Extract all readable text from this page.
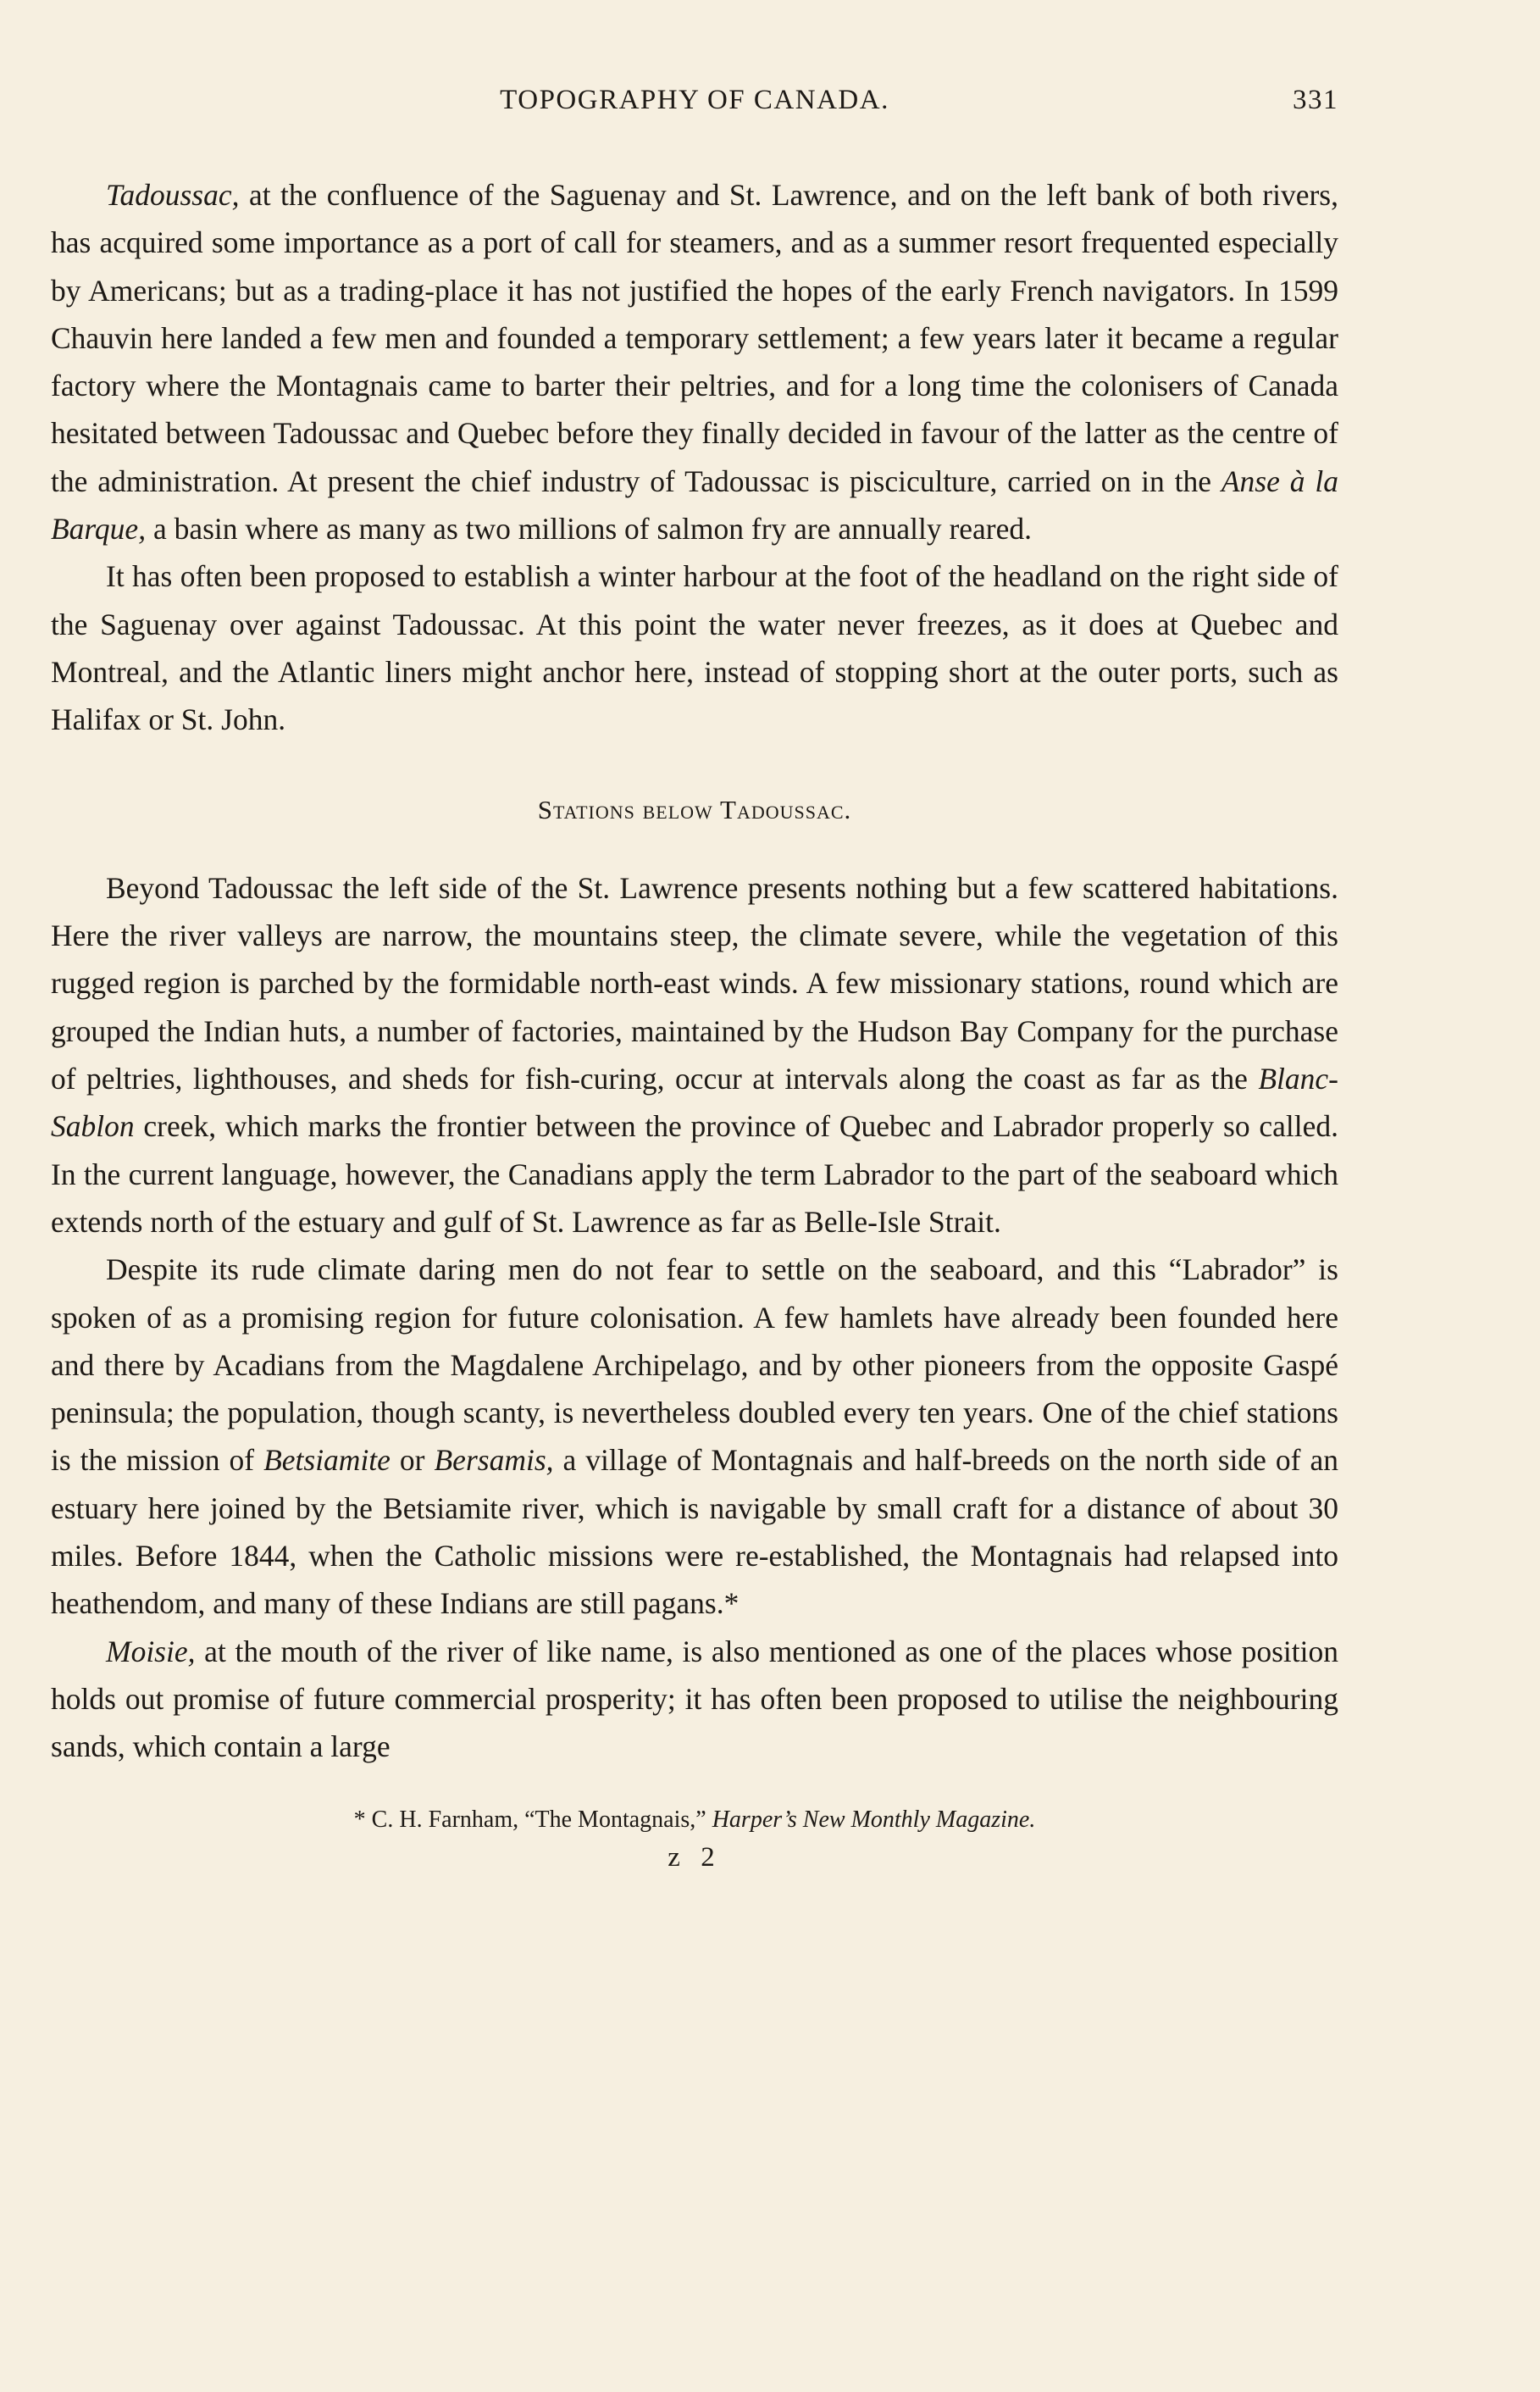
TOPOGRAPHY OF CANADA.	331

Tadoussac, at the confluence of the Saguenay and St. Lawrence, and on the left bank of both rivers, has acquired some importance as a port of call for steamers, and as a summer resort frequented especially by Americans; but as a trading-place it has not justified the hopes of the early French navigators. In 1599 Chauvin here landed a few men and founded a temporary settlement; a few years later it became a regular factory where the Montagnais came to barter their peltries, and for a long time the colonisers of Canada hesitated between Tadoussac and Quebec before they finally decided in favour of the latter as the centre of the administration. At present the chief industry of Tadoussac is pisciculture, carried on in the Anse à la Barque, a basin where as many as two millions of salmon fry are annually reared.

It has often been proposed to establish a winter harbour at the foot of the headland on the right side of the Saguenay over against Tadoussac. At this point the water never freezes, as it does at Quebec and Montreal, and the Atlantic liners might anchor here, instead of stopping short at the outer ports, such as Halifax or St. John.

Stations below Tadoussac.

Beyond Tadoussac the left side of the St. Lawrence presents nothing but a few scattered habitations. Here the river valleys are narrow, the mountains steep, the climate severe, while the vegetation of this rugged region is parched by the formidable north-east winds. A few missionary stations, round which are grouped the Indian huts, a number of factories, maintained by the Hudson Bay Company for the purchase of peltries, lighthouses, and sheds for fish-curing, occur at intervals along the coast as far as the Blanc-Sablon creek, which marks the frontier between the province of Quebec and Labrador properly so called. In the current language, however, the Canadians apply the term Labrador to the part of the seaboard which extends north of the estuary and gulf of St. Lawrence as far as Belle-Isle Strait.

Despite its rude climate daring men do not fear to settle on the seaboard, and this “Labrador” is spoken of as a promising region for future colonisation. A few hamlets have already been founded here and there by Acadians from the Magdalene Archipelago, and by other pioneers from the opposite Gaspé peninsula; the population, though scanty, is nevertheless doubled every ten years. One of the chief stations is the mission of Betsiamite or Bersamis, a village of Montagnais and half-breeds on the north side of an estuary here joined by the Betsiamite river, which is navigable by small craft for a distance of about 30 miles. Before 1844, when the Catholic missions were re-established, the Montagnais had relapsed into heathendom, and many of these Indians are still pagans.*

Moisie, at the mouth of the river of like name, is also mentioned as one of the places whose position holds out promise of future commercial prosperity; it has often been proposed to utilise the neighbouring sands, which contain a large

* C. H. Farnham, “The Montagnais,” Harper’s New Monthly Magazine.
z 2
